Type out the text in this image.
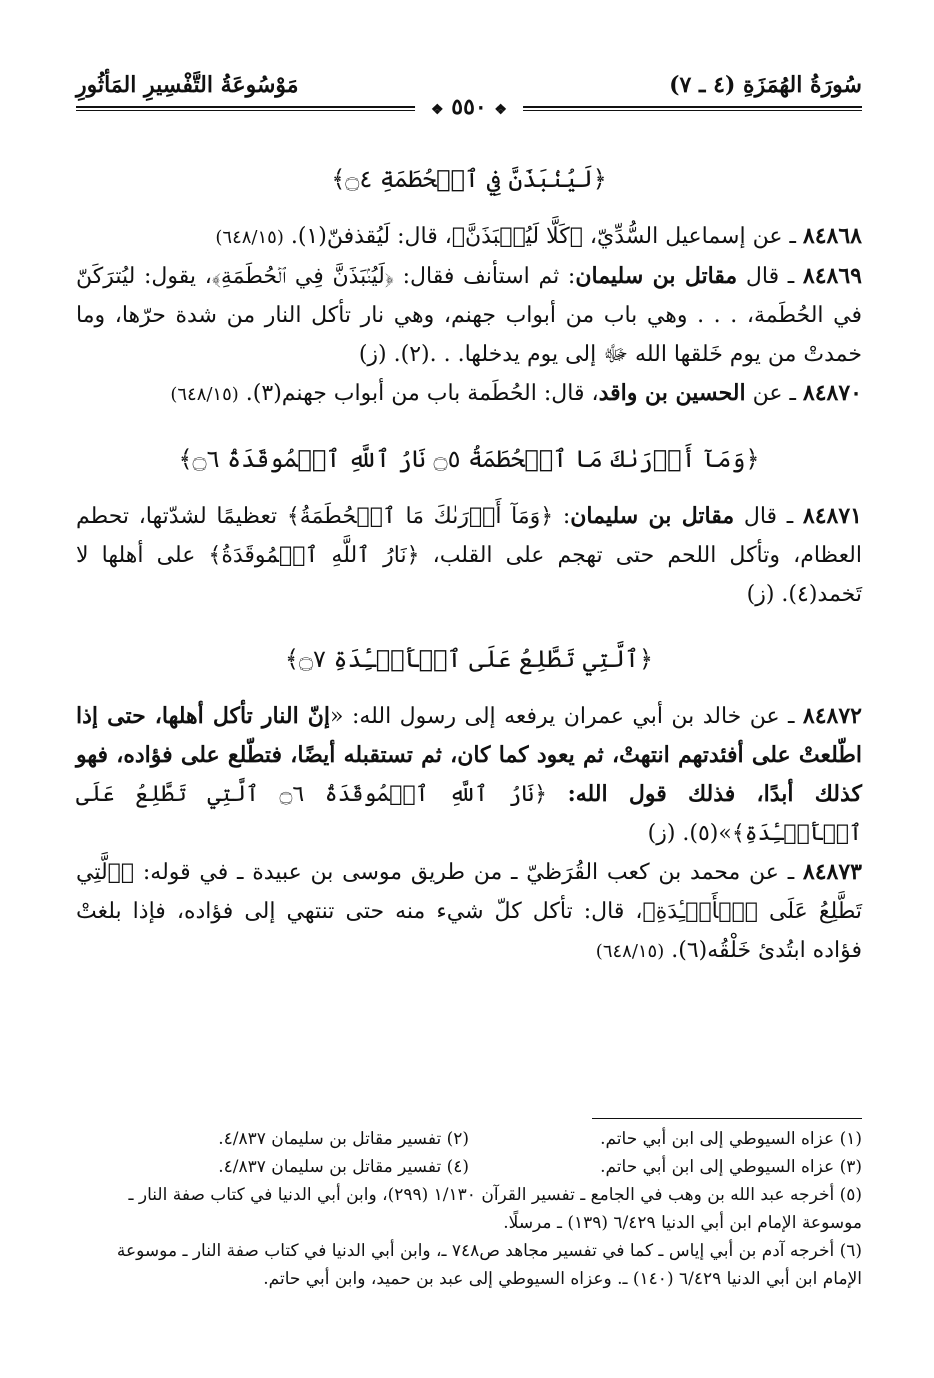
سُورَةُ الهُمَزَةِ (٤ ـ ٧)
❖ ٥٥٠ ❖
مَوْسُوعَةُ التَّفْسِيرِ المَأثُورِ
﴿لَيُنۢبَذَنَّ فِي ٱلۡحُطَمَةِ ۝٤﴾

٨٤٨٦٨ ـ عن إسماعيل السُّدِّيّ، ﴿كَلَّا لَيُنۢبَذَنَّ﴾، قال: لَيُقذفنّ(١). (٦٤٨/١٥)

٨٤٨٦٩ ـ قال مقاتل بن سليمان: ثم استأنف فقال: ﴿لَيُنۢبَذَنَّ فِي ٱلۡحُطَمَةِ﴾، يقول: ليُترَكَنّ في الحُطَمة، . . . وهي باب من أبواب جهنم، وهي نار تأكل النار من شدة حرّها، وما خمدتْ من يوم خَلقها الله ﷻ إلى يوم يدخلها. . .(٢). (ز)

٨٤٨٧٠ ـ عن الحسين بن واقد، قال: الحُطَمة باب من أبواب جهنم(٣). (٦٤٨/١٥)

﴿وَمَآ أَدۡرَىٰكَ مَا ٱلۡحُطَمَةُ ۝٥ نَارُ ٱللَّهِ ٱلۡمُوقَدَةُ ۝٦﴾

٨٤٨٧١ ـ قال مقاتل بن سليمان: ﴿وَمَآ أَدۡرَىٰكَ مَا ٱلۡحُطَمَةُ﴾ تعظيمًا لشدّتها، تحطم العظام، وتأكل اللحم حتى تهجم على القلب، ﴿نَارُ ٱللَّهِ ٱلۡمُوقَدَةُ﴾ على أهلها لا تَخمد(٤). (ز)

﴿ٱلَّتِي تَطَّلِعُ عَلَى ٱلۡأَفۡـِٔدَةِ ۝٧﴾

٨٤٨٧٢ ـ عن خالد بن أبي عمران يرفعه إلى رسول الله: «إنّ النار تأكل أهلها، حتى إذا اطّلعتْ على أفئدتهم انتهتْ، ثم يعود كما كان، ثم تستقبله أيضًا، فتطّلع على فؤاده، فهو كذلك أبدًا، فذلك قول الله: ﴿نَارُ ٱللَّهِ ٱلۡمُوقَدَةُ ۝٦ ٱلَّتِي تَطَّلِعُ عَلَى ٱلۡأَفۡـِٔدَةِ﴾»(٥). (ز)

٨٤٨٧٣ ـ عن محمد بن كعب القُرَظيّ ـ من طريق موسى بن عبيدة ـ في قوله: ﴿ٱلَّتِي تَطَّلِعُ عَلَى ٱلۡأَفۡـِٔدَةِ﴾، قال: تأكل كلّ شيء منه حتى تنتهي إلى فؤاده، فإذا بلغتْ فؤاده ابتُدئ خَلْقُه(٦). (٦٤٨/١٥)

(١) عزاه السيوطي إلى ابن أبي حاتم.

(٢) تفسير مقاتل بن سليمان ٤/٨٣٧.

(٣) عزاه السيوطي إلى ابن أبي حاتم.

(٤) تفسير مقاتل بن سليمان ٤/٨٣٧.

(٥) أخرجه عبد الله بن وهب في الجامع ـ تفسير القرآن ١/١٣٠ (٢٩٩)، وابن أبي الدنيا في كتاب صفة النار ـ موسوعة الإمام ابن أبي الدنيا ٦/٤٢٩ (١٣٩) ـ مرسلًا.

(٦) أخرجه آدم بن أبي إياس ـ كما في تفسير مجاهد ص٧٤٨ ـ، وابن أبي الدنيا في كتاب صفة النار ـ موسوعة الإمام ابن أبي الدنيا ٦/٤٢٩ (١٤٠) ـ. وعزاه السيوطي إلى عبد بن حميد، وابن أبي حاتم.
